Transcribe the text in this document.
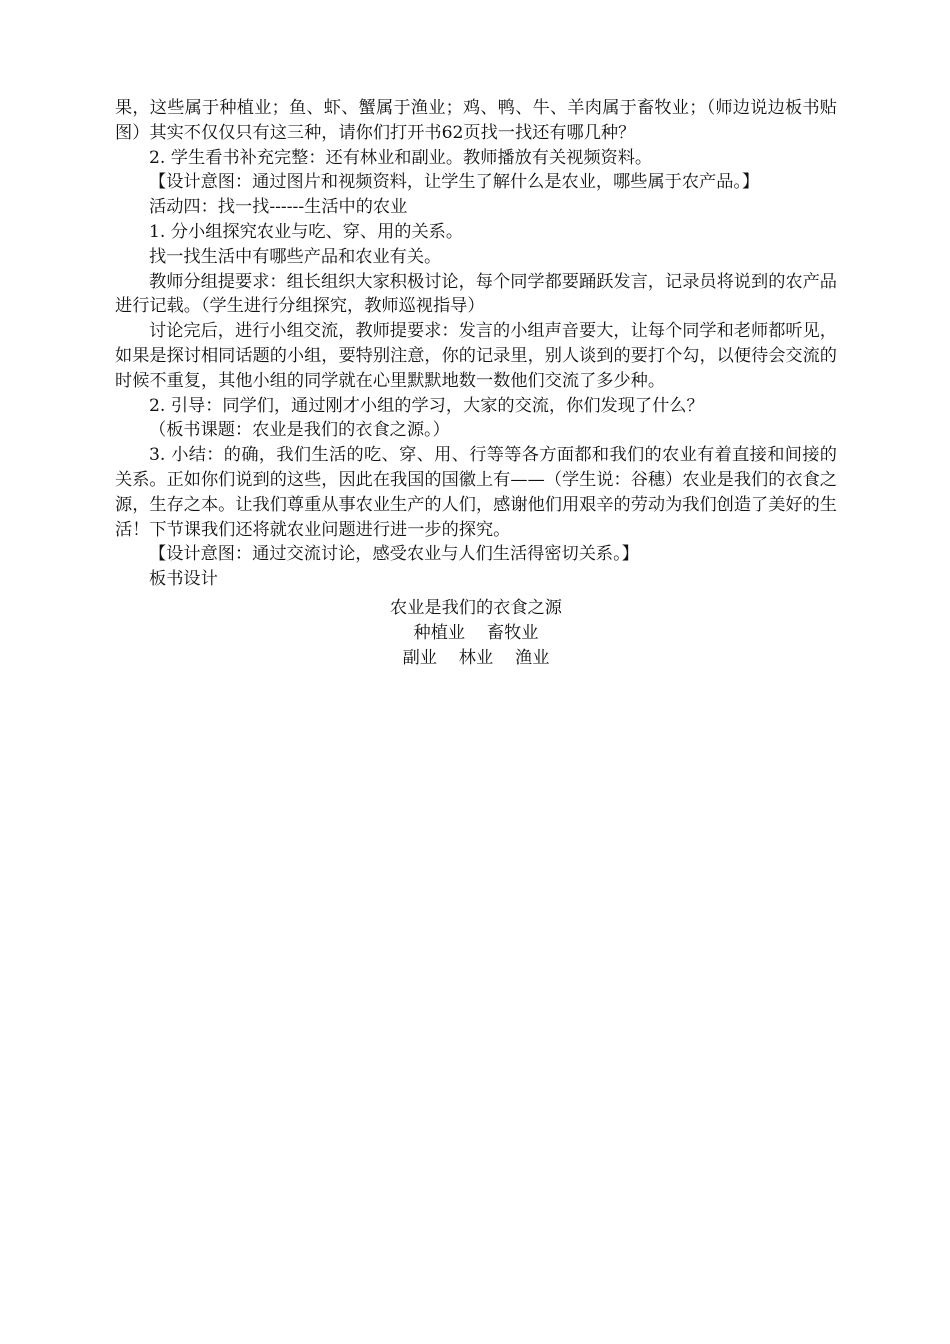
果，这些属于种植业；鱼、虾、蟹属于渔业；鸡、鸭、牛、羊肉属于畜牧业；（师边说边板书贴图）其实不仅仅只有这三种，请你们打开书62页找一找还有哪几种？

2. 学生看书补充完整：还有林业和副业。教师播放有关视频资料。

【设计意图：通过图片和视频资料，让学生了解什么是农业，哪些属于农产品。】

活动四：找一找------生活中的农业

1. 分小组探究农业与吃、穿、用的关系。

找一找生活中有哪些产品和农业有关。

教师分组提要求：组长组织大家积极讨论，每个同学都要踊跃发言，记录员将说到的农产品进行记载。（学生进行分组探究，教师巡视指导）

讨论完后，进行小组交流，教师提要求：发言的小组声音要大，让每个同学和老师都听见，如果是探讨相同话题的小组，要特别注意，你的记录里，别人谈到的要打个勾，以便待会交流的时候不重复，其他小组的同学就在心里默默地数一数他们交流了多少种。

2. 引导：同学们，通过刚才小组的学习，大家的交流，你们发现了什么？

（板书课题：农业是我们的衣食之源。）

3. 小结：的确，我们生活的吃、穿、用、行等等各方面都和我们的农业有着直接和间接的关系。正如你们说到的这些，因此在我国的国徽上有——（学生说：谷穗）农业是我们的衣食之源，生存之本。让我们尊重从事农业生产的人们，感谢他们用艰辛的劳动为我们创造了美好的生活！下节课我们还将就农业问题进行进一步的探究。

【设计意图：通过交流讨论，感受农业与人们生活得密切关系。】

板书设计

农业是我们的衣食之源
种植业    畜牧业
副业    林业    渔业
